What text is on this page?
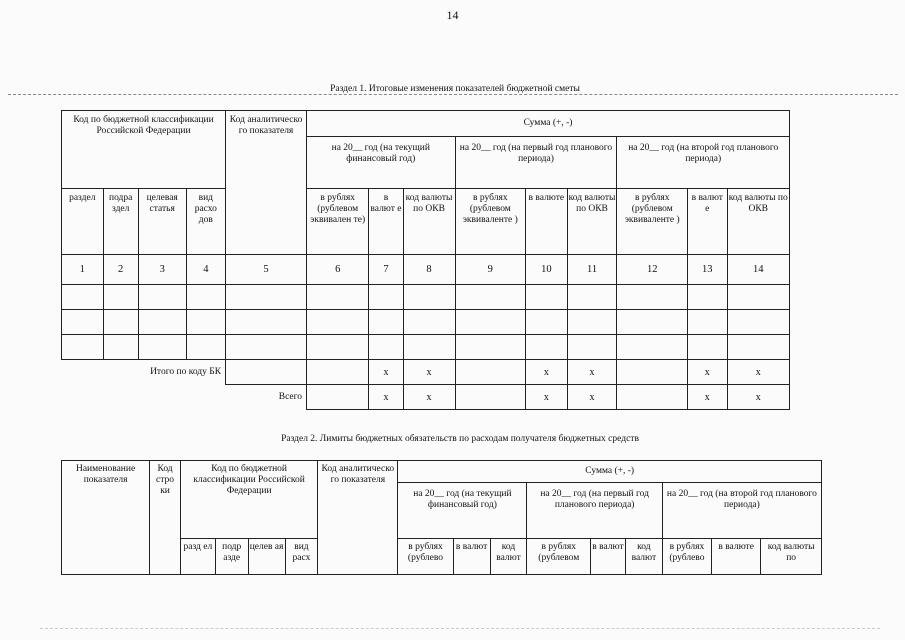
14
Раздел 1. Итоговые изменения показателей бюджетной сметы
Код по бюджетной классификации Российской Федерации				Код аналитическо го показателя	Сумма (+, -)								
					на 20__ год (на текущий финансовый год)			на 20__ год (на первый год планового периода)			на 20__ год (на второй год планового периода)		
раздел	подра здел	целевая статья	вид расхо дов		в рублях (рублевом эквивален те)	в валют е	код валюты по ОКВ	в рублях (рублевом эквиваленте )	в валюте	код валюты по ОКВ	в рублях (рублевом эквиваленте )	в валют е	код валюты по ОКВ
1	2	3	4	5	6	7	8	9	10	11	12	13	14

Итого по коду БК						х	х		х	х		х	х
Всего						х	х		х	х		х	х
Раздел 2. Лимиты бюджетных обязательств по расходам получателя бюджетных средств
Наименование показателя	Код стро ки	Код по бюджетной классификации Российской Федерации				Код аналитическо го показателя	Сумма (+, -)								
							на 20__ год (на текущий финансовый год)			на 20__ год (на первый год планового периода)			на 20__ год (на второй год планового периода)		
		разд ел	подр азде	целев ая	вид расх		в рублях (рублево	в валют	код валют	в рублях (рублевом	в валют	код валют	в рублях (рублево	в валюте	код валюты по
